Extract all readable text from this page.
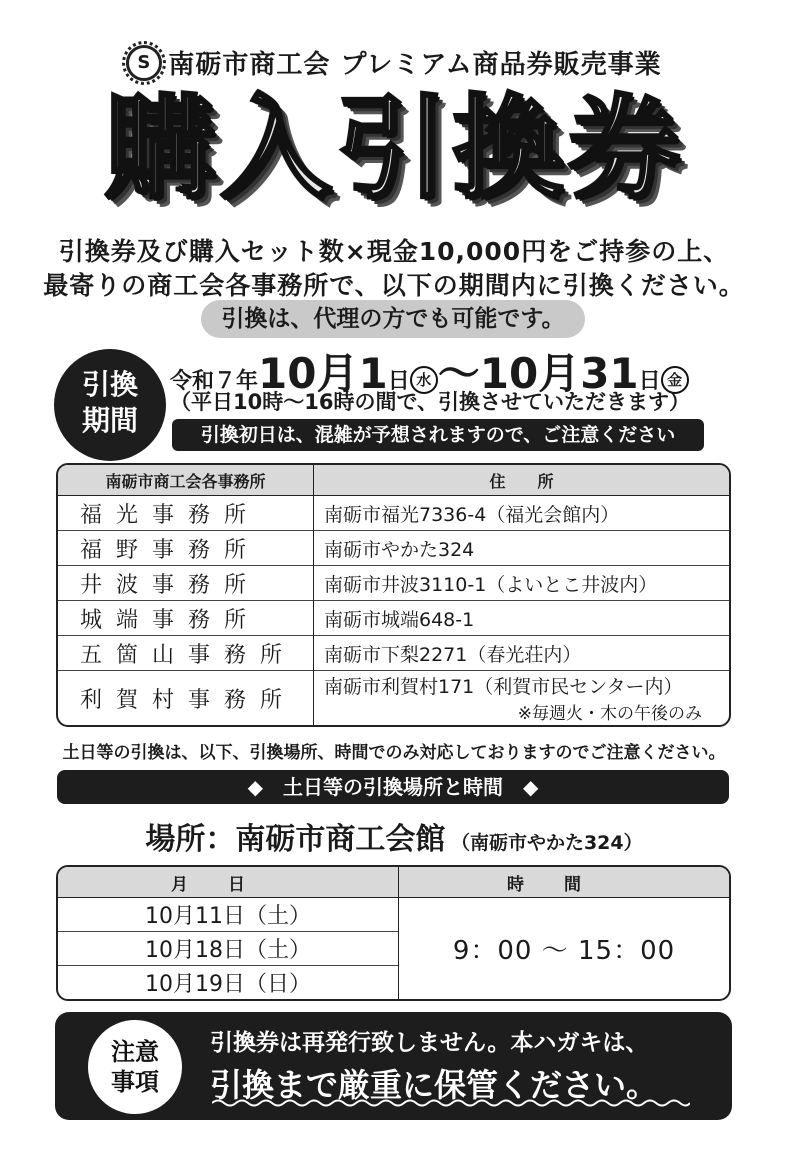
S 南砺市商工会 プレミアム商品券販売事業
購入引換券
引換券及び購入セット数×現金10,000円をご持参の上、
最寄りの商工会各事務所で、以下の期間内に引換ください。
引換は、代理の方でも可能です。
引換
期間
令和７年10月1日 水 ～10月31日 金
（平日10時～16時の間で、引換させていただきます）
引換初日は、混雑が予想されますので、ご注意ください
南砺市商工会各事務所	住　　所
福光事務所	南砺市福光7336-4（福光会館内）
福野事務所	南砺市やかた324
井波事務所	南砺市井波3110-1（よいとこ井波内）
城端事務所	南砺市城端648-1
五箇山事務所	南砺市下梨2271（春光荘内）
利賀村事務所	南砺市利賀村171（利賀市民センター内）
※毎週火・木の午後のみ
土日等の引換は、以下、引換場所、時間でのみ対応しておりますのでご注意ください。
◆　土日等の引換場所と時間　◆
場所：南砺市商工会館 （南砺市やかた324）
月日	時間
10月11日（土）	9：00 ～ 15：00
10月18日（土）	
10月19日（日）	
注意
事項
引換券は再発行致しません。本ハガキは、
引換まで厳重に保管ください。
